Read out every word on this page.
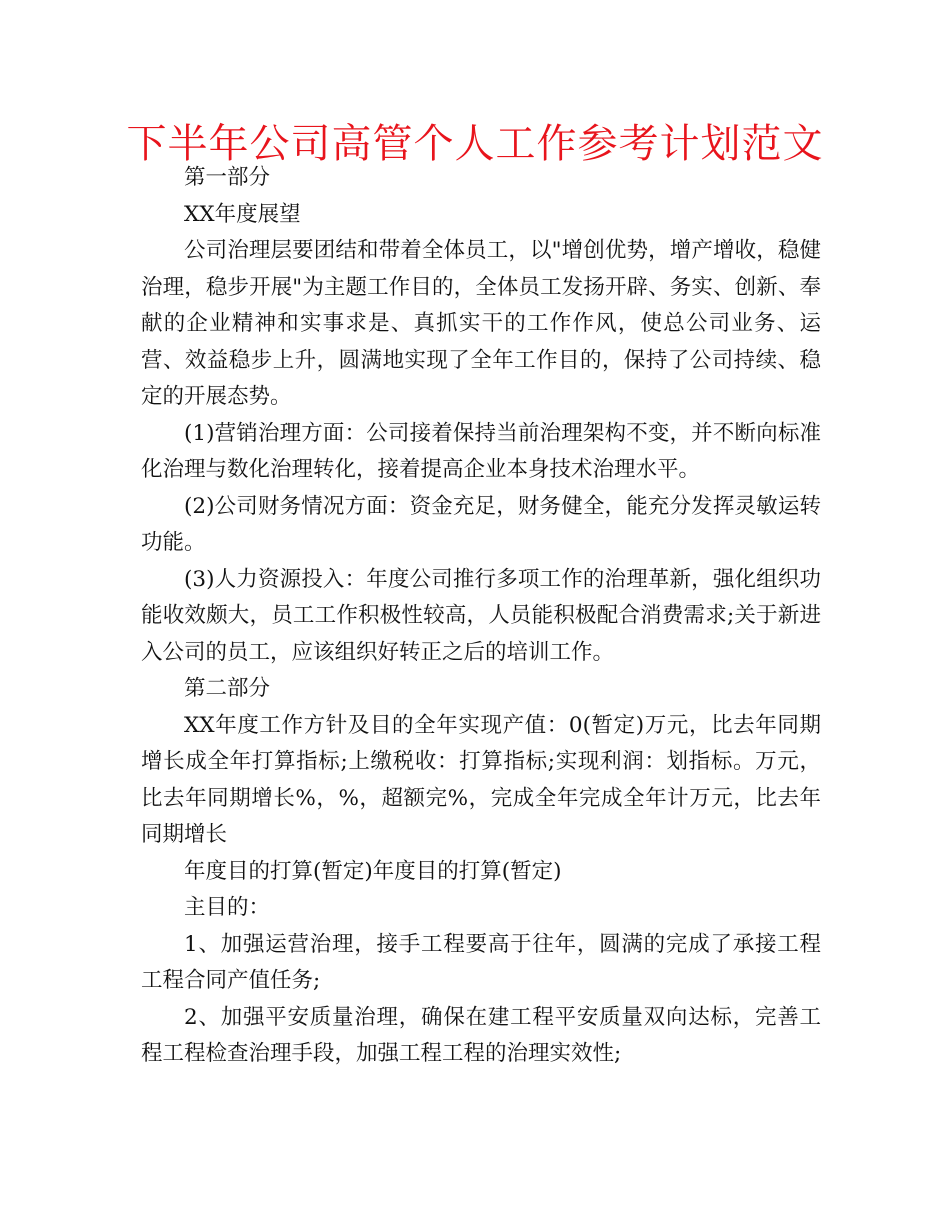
下半年公司高管个人工作参考计划范文

第一部分

XX年度展望

公司治理层要团结和带着全体员工，以"增创优势，增产增收，稳健治理，稳步开展"为主题工作目的，全体员工发扬开辟、务实、创新、奉献的企业精神和实事求是、真抓实干的工作作风，使总公司业务、运营、效益稳步上升，圆满地实现了全年工作目的，保持了公司持续、稳定的开展态势。

(1)营销治理方面：公司接着保持当前治理架构不变，并不断向标准化治理与数化治理转化，接着提高企业本身技术治理水平。

(2)公司财务情况方面：资金充足，财务健全，能充分发挥灵敏运转功能。

(3)人力资源投入：年度公司推行多项工作的治理革新，强化组织功能收效颇大，员工工作积极性较高，人员能积极配合消费需求;关于新进入公司的员工，应该组织好转正之后的培训工作。

第二部分

XX年度工作方针及目的全年实现产值：0(暂定)万元，比去年同期增长成全年打算指标;上缴税收：打算指标;实现利润：划指标。万元，比去年同期增长%，%，超额完%，完成全年完成全年计万元，比去年同期增长

年度目的打算(暂定)年度目的打算(暂定)

主目的：

1、加强运营治理，接手工程要高于往年，圆满的完成了承接工程工程合同产值任务;

2、加强平安质量治理，确保在建工程平安质量双向达标，完善工程工程检查治理手段，加强工程工程的治理实效性;
